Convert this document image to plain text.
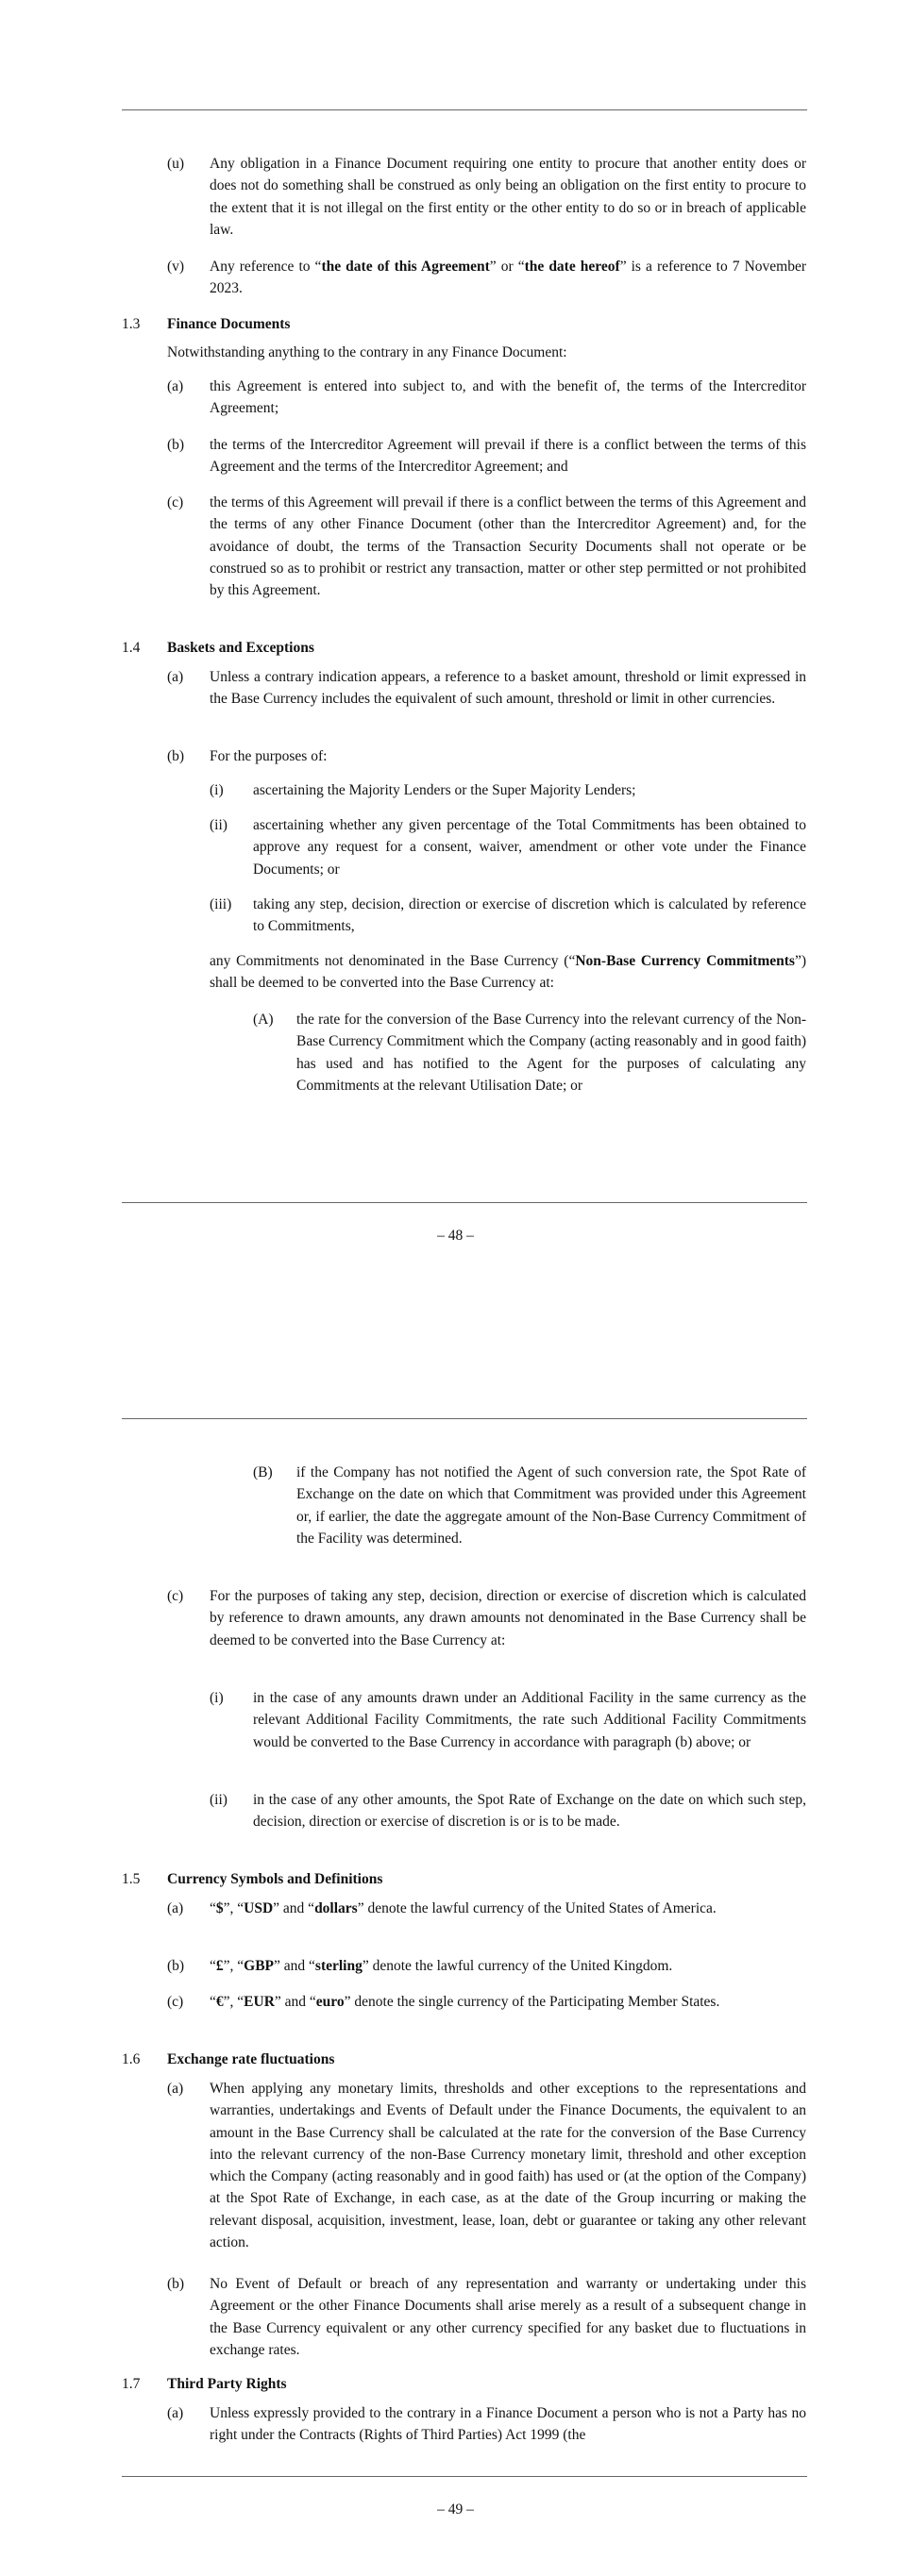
(u) Any obligation in a Finance Document requiring one entity to procure that another entity does or does not do something shall be construed as only being an obligation on the first entity to procure to the extent that it is not illegal on the first entity or the other entity to do so or in breach of applicable law.
(v) Any reference to “the date of this Agreement” or “the date hereof” is a reference to 7 November 2023.
1.3 Finance Documents
Notwithstanding anything to the contrary in any Finance Document:
(a) this Agreement is entered into subject to, and with the benefit of, the terms of the Intercreditor Agreement;
(b) the terms of the Intercreditor Agreement will prevail if there is a conflict between the terms of this Agreement and the terms of the Intercreditor Agreement; and
(c) the terms of this Agreement will prevail if there is a conflict between the terms of this Agreement and the terms of any other Finance Document (other than the Intercreditor Agreement) and, for the avoidance of doubt, the terms of the Transaction Security Documents shall not operate or be construed so as to prohibit or restrict any transaction, matter or other step permitted or not prohibited by this Agreement.
1.4 Baskets and Exceptions
(a) Unless a contrary indication appears, a reference to a basket amount, threshold or limit expressed in the Base Currency includes the equivalent of such amount, threshold or limit in other currencies.
(b) For the purposes of:
(i) ascertaining the Majority Lenders or the Super Majority Lenders;
(ii) ascertaining whether any given percentage of the Total Commitments has been obtained to approve any request for a consent, waiver, amendment or other vote under the Finance Documents; or
(iii) taking any step, decision, direction or exercise of discretion which is calculated by reference to Commitments,
any Commitments not denominated in the Base Currency (“Non-Base Currency Commitments”) shall be deemed to be converted into the Base Currency at:
(A) the rate for the conversion of the Base Currency into the relevant currency of the Non-Base Currency Commitment which the Company (acting reasonably and in good faith) has used and has notified to the Agent for the purposes of calculating any Commitments at the relevant Utilisation Date; or
– 48 –
(B) if the Company has not notified the Agent of such conversion rate, the Spot Rate of Exchange on the date on which that Commitment was provided under this Agreement or, if earlier, the date the aggregate amount of the Non-Base Currency Commitment of the Facility was determined.
(c) For the purposes of taking any step, decision, direction or exercise of discretion which is calculated by reference to drawn amounts, any drawn amounts not denominated in the Base Currency shall be deemed to be converted into the Base Currency at:
(i) in the case of any amounts drawn under an Additional Facility in the same currency as the relevant Additional Facility Commitments, the rate such Additional Facility Commitments would be converted to the Base Currency in accordance with paragraph (b) above; or
(ii) in the case of any other amounts, the Spot Rate of Exchange on the date on which such step, decision, direction or exercise of discretion is or is to be made.
1.5 Currency Symbols and Definitions
(a) “$”, “USD” and “dollars” denote the lawful currency of the United States of America.
(b) “£”, “GBP” and “sterling” denote the lawful currency of the United Kingdom.
(c) “€”, “EUR” and “euro” denote the single currency of the Participating Member States.
1.6 Exchange rate fluctuations
(a) When applying any monetary limits, thresholds and other exceptions to the representations and warranties, undertakings and Events of Default under the Finance Documents, the equivalent to an amount in the Base Currency shall be calculated at the rate for the conversion of the Base Currency into the relevant currency of the non-Base Currency monetary limit, threshold and other exception which the Company (acting reasonably and in good faith) has used or (at the option of the Company) at the Spot Rate of Exchange, in each case, as at the date of the Group incurring or making the relevant disposal, acquisition, investment, lease, loan, debt or guarantee or taking any other relevant action.
(b) No Event of Default or breach of any representation and warranty or undertaking under this Agreement or the other Finance Documents shall arise merely as a result of a subsequent change in the Base Currency equivalent or any other currency specified for any basket due to fluctuations in exchange rates.
1.7 Third Party Rights
(a) Unless expressly provided to the contrary in a Finance Document a person who is not a Party has no right under the Contracts (Rights of Third Parties) Act 1999 (the
– 49 –
